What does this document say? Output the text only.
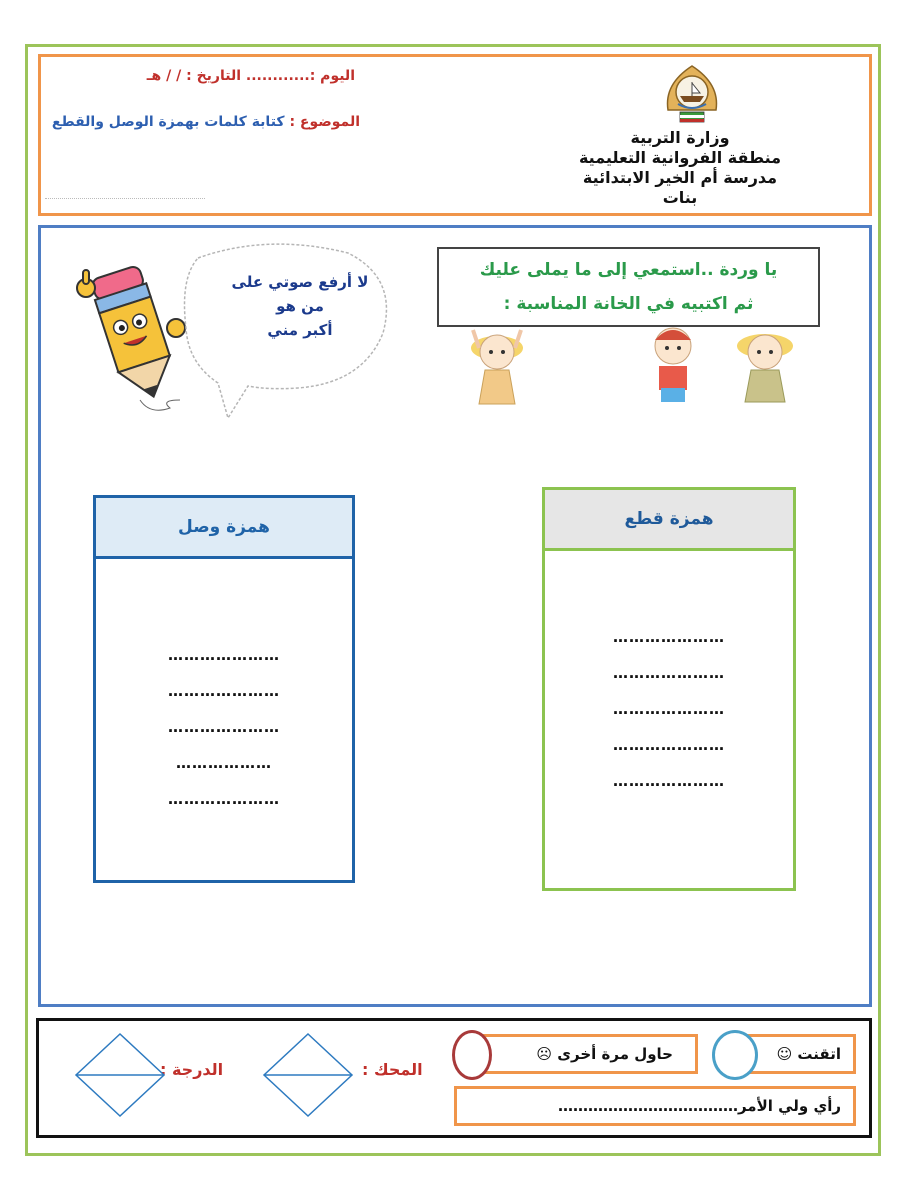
اليوم :............ التاريخ : / / هـ
الموضوع : كتابة كلمات بهمزة الوصل والقطع
وزارة التربية
منطقة الفروانية التعليمية
مدرسة أم الخير الابتدائية بنات
لا أرفع صوتي على من هو
أكبر مني
يا وردة ..استمعي إلى ما يملى عليك
ثم اكتبيه في الخانة المناسبة :
همزة وصل
…………………
…………………
…………………
………………
…………………
همزة قطع
…………………
…………………
…………………
…………………
…………………
اتقنت ☺
حاول مرة أخرى ☹
رأي ولي الأمر………………………………
المحك :
الدرجة :
